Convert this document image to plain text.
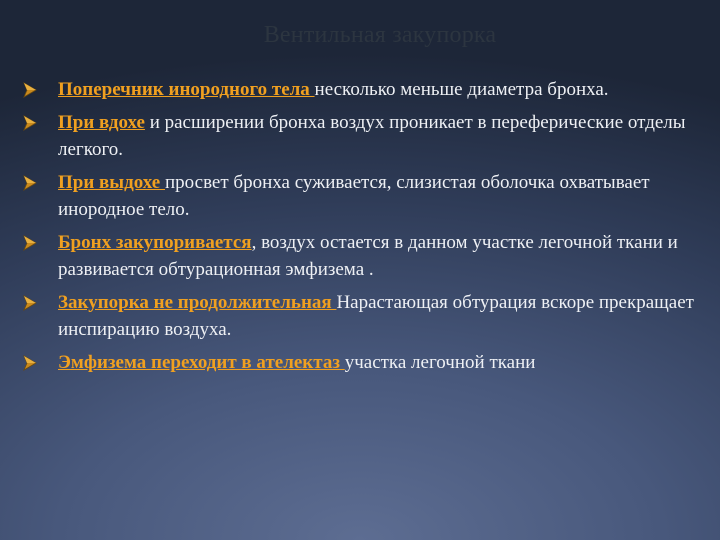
Вентильная закупорка
Поперечник инородного тела несколько меньше диаметра бронха.
При вдохе и расширении бронха воздух проникает в переферические отделы легкого.
При выдохе просвет бронха суживается, слизистая оболочка охватывает инородное тело.
Бронх закупоривается, воздух остается в данном участке легочной ткани и развивается обтурационная эмфизема .
Закупорка не продолжительная Нарастающая обтурация вскоре прекращает инспирацию воздуха.
Эмфизема переходит в ателектаз участка легочной ткани
